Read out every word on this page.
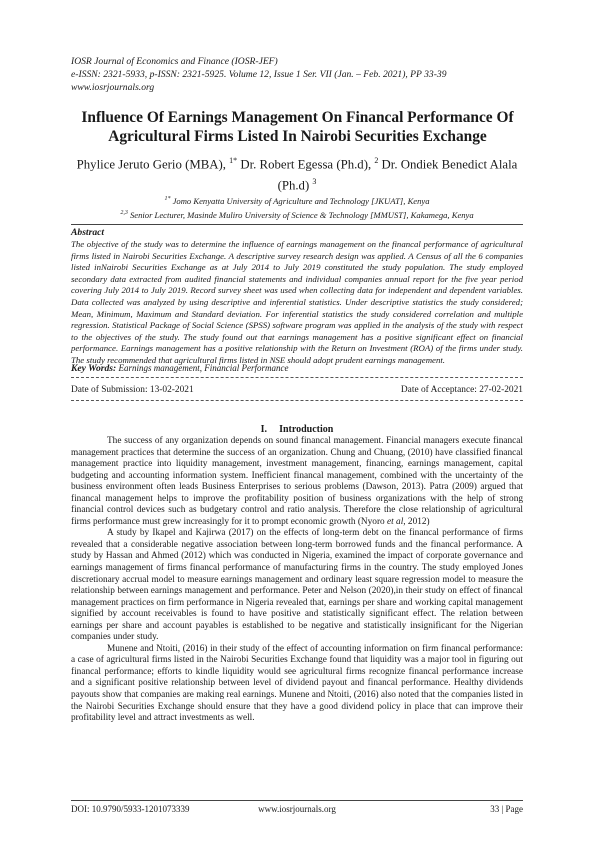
IOSR Journal of Economics and Finance (IOSR-JEF)
e-ISSN: 2321-5933, p-ISSN: 2321-5925. Volume 12, Issue 1 Ser. VII (Jan. – Feb. 2021), PP 33-39
www.iosrjournals.org
Influence Of Earnings Management On Financal Performance Of Agricultural Firms Listed In Nairobi Securities Exchange
Phylice Jeruto Gerio (MBA), $^{1*}$ Dr. Robert Egessa (Ph.d), $^2$ Dr. Ondiek Benedict Alala (Ph.d) $^3$
$^{1*}$ Jomo Kenyatta University of Agriculture and Technology [JKUAT], Kenya
$^{2,3}$ Senior Lecturer, Masinde Muliro University of Science & Technology [MMUST], Kakamega, Kenya
Abstract
The objective of the study was to determine the influence of earnings management on the financal performance of agricultural firms listed in Nairobi Securities Exchange. A descriptive survey research design was applied. A Census of all the 6 companies listed inNairobi Securities Exchange as at July 2014 to July 2019 constituted the study population. The study employed secondary data extracted from audited financial statements and individual companies annual report for the five year period covering July 2014 to July 2019. Record survey sheet was used when collecting data for independent and dependent variables. Data collected was analyzed by using descriptive and inferential statistics. Under descriptive statistics the study considered; Mean, Minimum, Maximum and Standard deviation. For inferential statistics the study considered correlation and multiple regression. Statistical Package of Social Science (SPSS) software program was applied in the analysis of the study with respect to the objectives of the study. The study found out that earnings management has a positive significant effect on financial performance. Earnings management has a positive relationship with the Return on Investment (ROA) of the firms under study. The study recommended that agricultural firms listed in NSE should adopt prudent earnings management.
Key Words: Earnings management, Financial Performance
Date of Submission: 13-02-2021	Date of Acceptance: 27-02-2021
I. Introduction

The success of any organization depends on sound financal management. Financial managers execute financal management practices that determine the success of an organization. Chung and Chuang, (2010) have classified financal management practice into liquidity management, investment management, financing, earnings management, capital budgeting and accounting information system. Inefficient financal management, combined with the uncertainty of the business environment often leads Business Enterprises to serious problems (Dawson, 2013). Patra (2009) argued that financal management helps to improve the profitability position of business organizations with the help of strong financial control devices such as budgetary control and ratio analysis. Therefore the close relationship of agricultural firms performance must grew increasingly for it to prompt economic growth (Nyoro et al, 2012)

A study by Ikapel and Kajirwa (2017) on the effects of long-term debt on the financal performance of firms revealed that a considerable negative association between long-term borrowed funds and the financal performance. A study by Hassan and Ahmed (2012) which was conducted in Nigeria, examined the impact of corporate governance and earnings management of firms financal performance of manufacturing firms in the country. The study employed Jones discretionary accrual model to measure earnings management and ordinary least square regression model to measure the relationship between earnings management and performance. Peter and Nelson (2020),in their study on effect of financal management practices on firm performance in Nigeria revealed that, earnings per share and working capital management signified by account receivables is found to have positive and statistically significant effect. The relation between earnings per share and account payables is established to be negative and statistically insignificant for the Nigerian companies under study.

Munene and Ntoiti, (2016) in their study of the effect of accounting information on firm financal performance: a case of agricultural firms listed in the Nairobi Securities Exchange found that liquidity was a major tool in figuring out financal performance; efforts to kindle liquidity would see agricultural firms recognize financal performance increase and a significant positive relationship between level of dividend payout and financal performance. Healthy dividends payouts show that companies are making real earnings. Munene and Ntoiti, (2016) also noted that the companies listed in the Nairobi Securities Exchange should ensure that they have a good dividend policy in place that can improve their profitability level and attract investments as well.

www.iosrjournals.org
DOI: 10.9790/5933-1201073339	33 | Page
